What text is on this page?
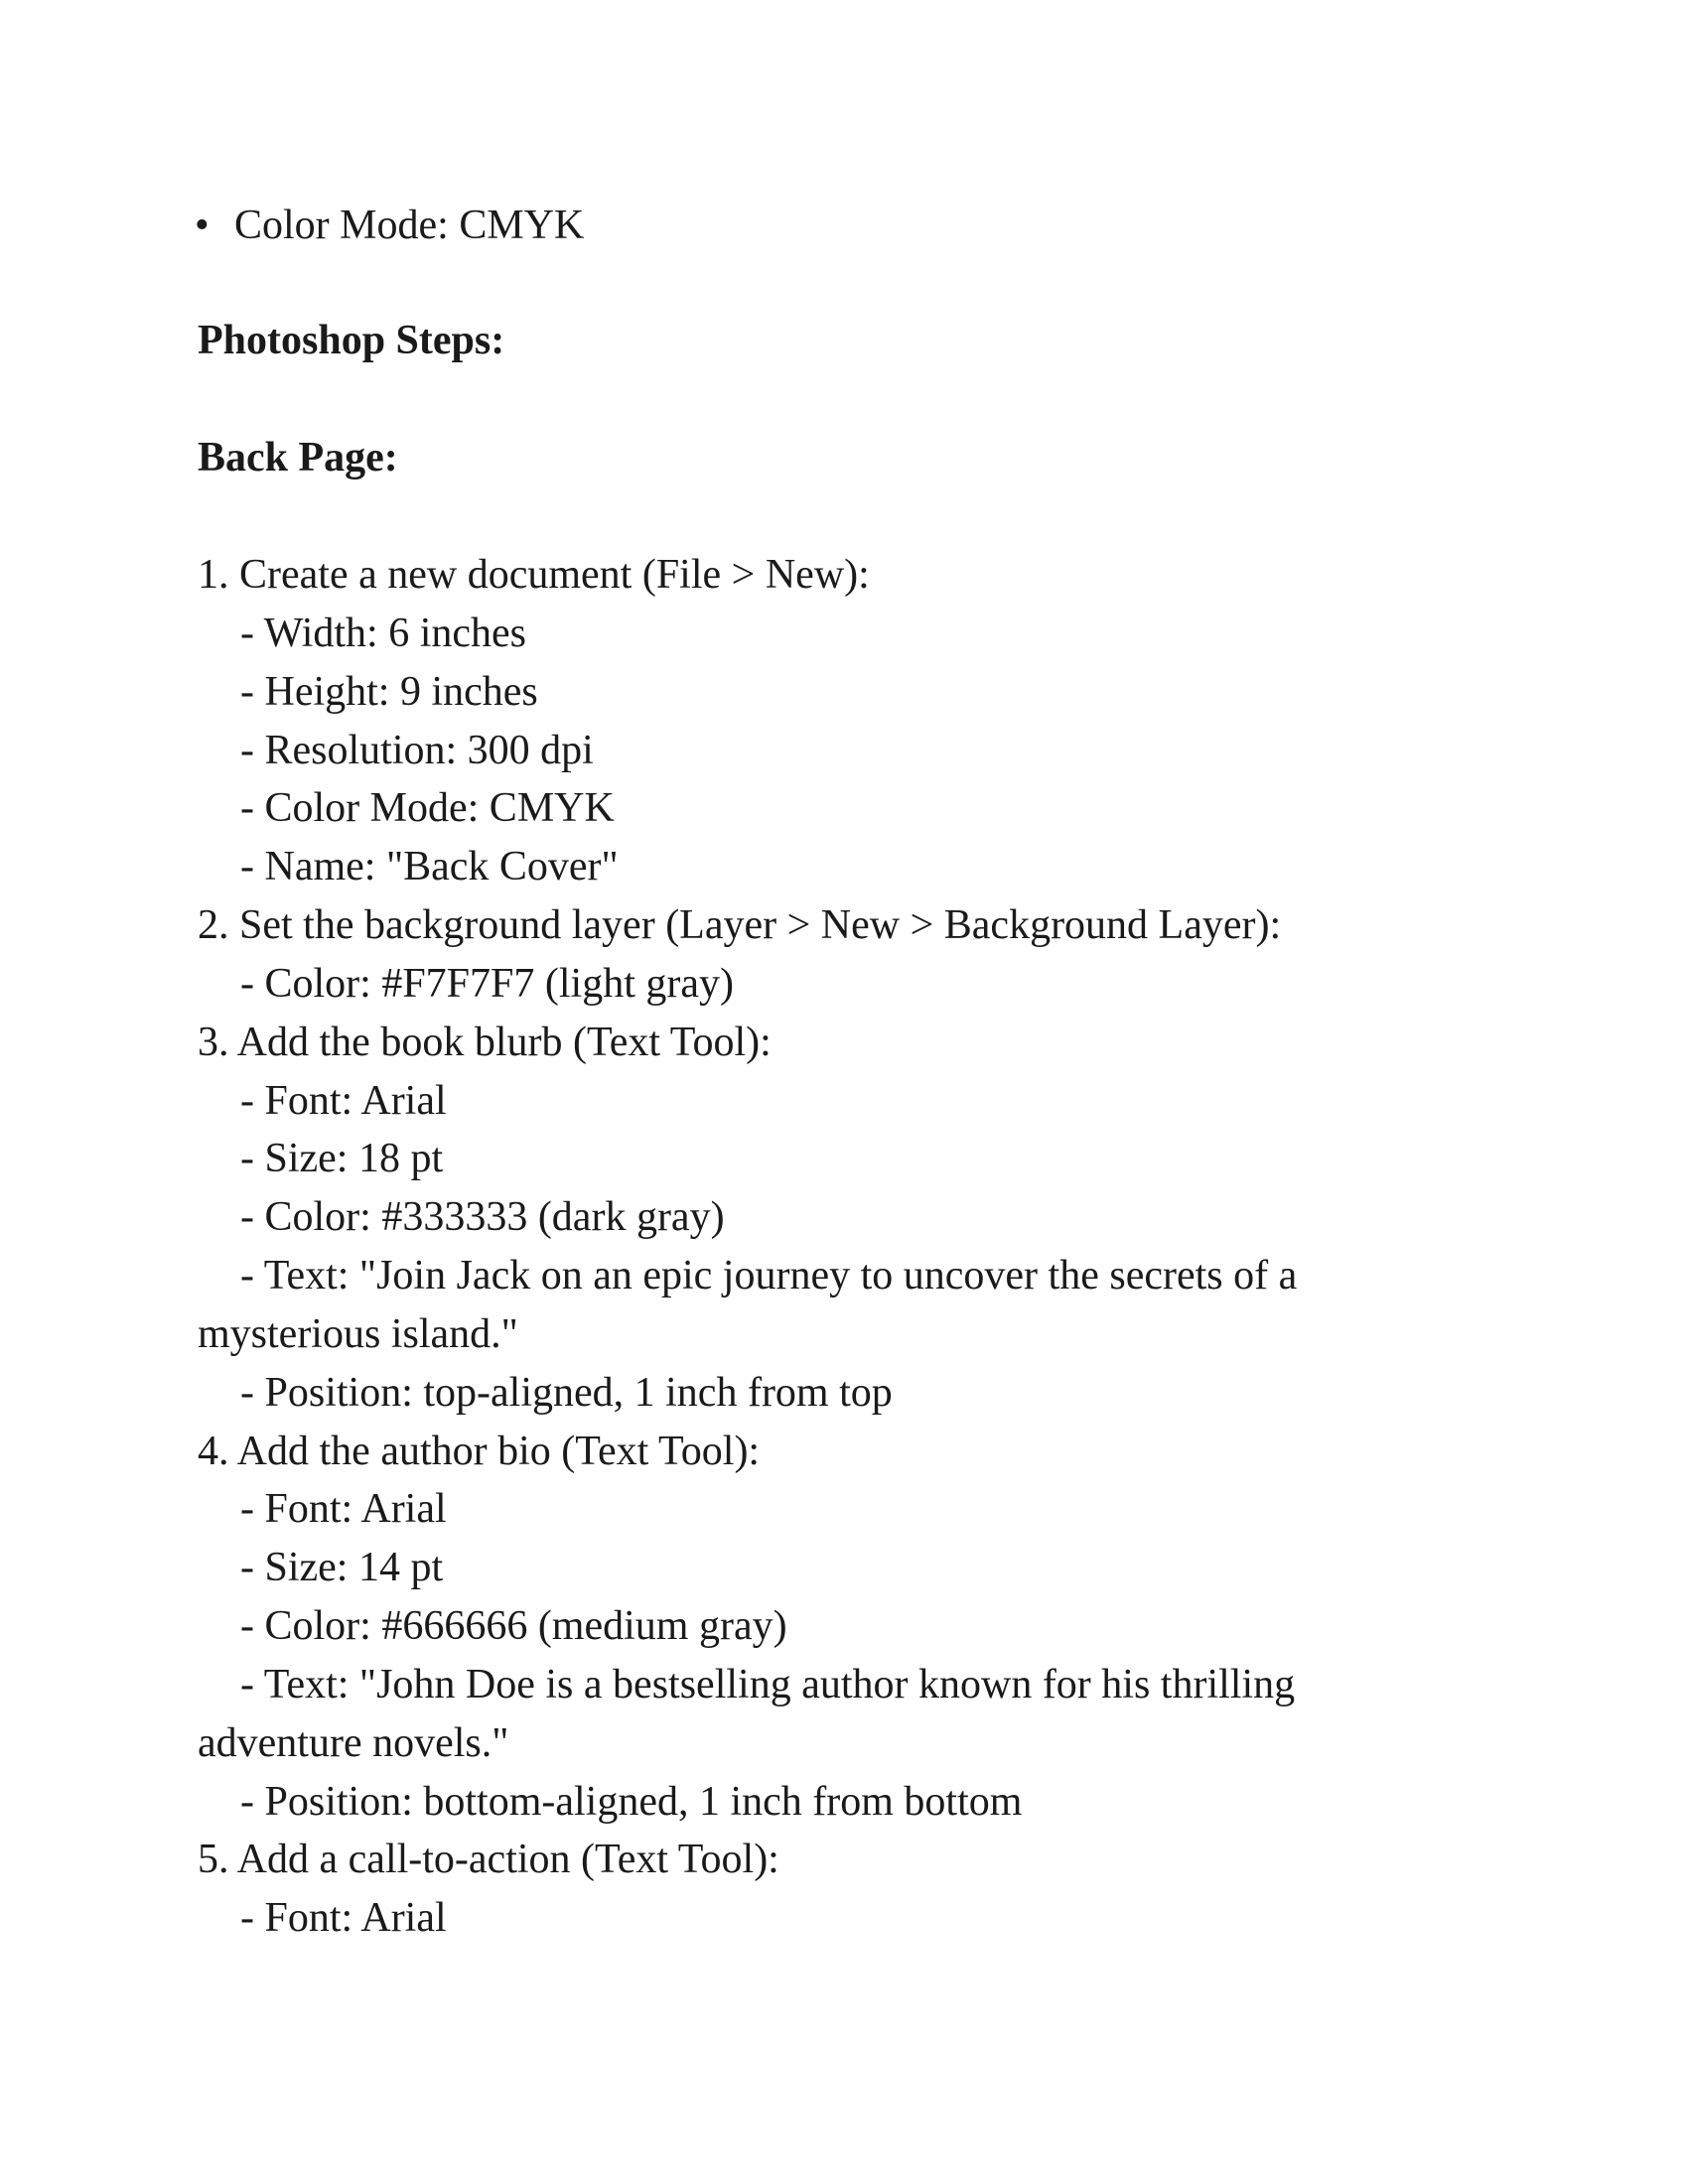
• Color Mode: CMYK
Photoshop Steps:
Back Page:
1. Create a new document (File > New):
- Width: 6 inches
- Height: 9 inches
- Resolution: 300 dpi
- Color Mode: CMYK
- Name: "Back Cover"
2. Set the background layer (Layer > New > Background Layer):
- Color: #F7F7F7 (light gray)
3. Add the book blurb (Text Tool):
- Font: Arial
- Size: 18 pt
- Color: #333333 (dark gray)
- Text: "Join Jack on an epic journey to uncover the secrets of a
mysterious island."
- Position: top-aligned, 1 inch from top
4. Add the author bio (Text Tool):
- Font: Arial
- Size: 14 pt
- Color: #666666 (medium gray)
- Text: "John Doe is a bestselling author known for his thrilling
adventure novels."
- Position: bottom-aligned, 1 inch from bottom
5. Add a call-to-action (Text Tool):
- Font: Arial
